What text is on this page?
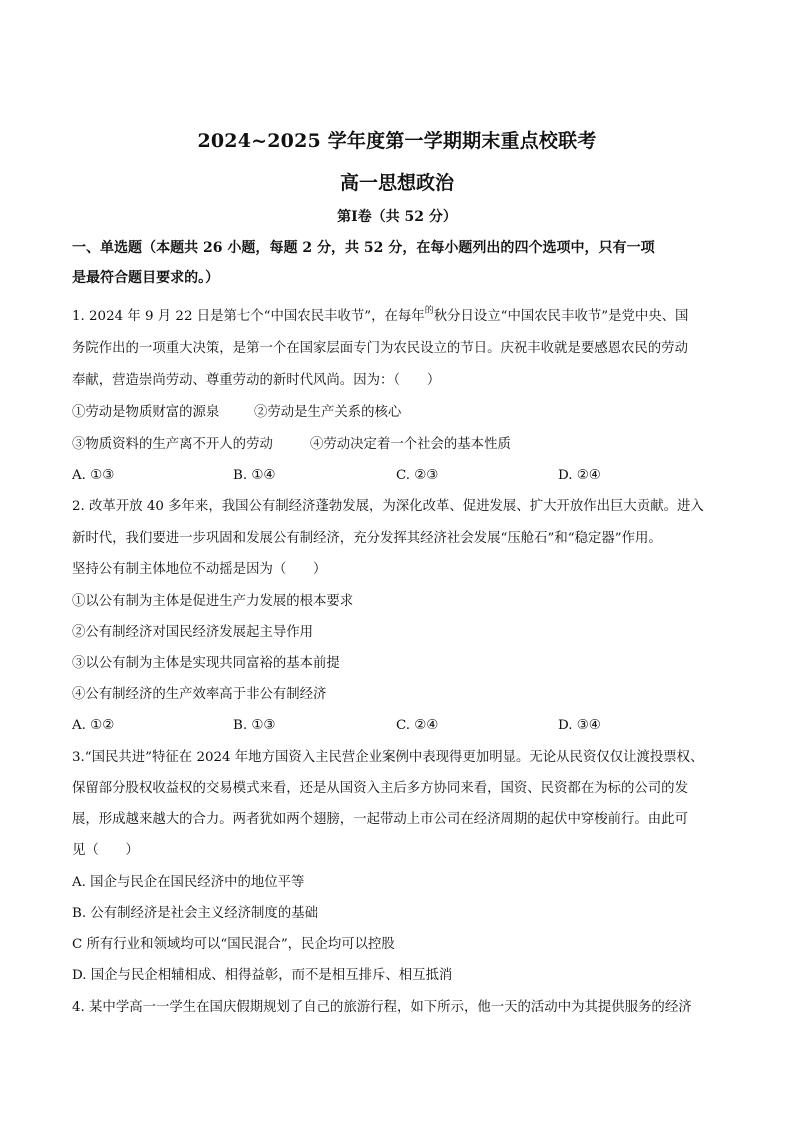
2024~2025 学年度第一学期期末重点校联考
高一思想政治
第Ⅰ卷（共 52 分）
一、单选题（本题共 26 小题，每题 2 分，共 52 分，在每小题列出的四个选项中，只有一项
是最符合题目要求的。）
1. 2024 年 9 月 22 日是第七个“中国农民丰收节”，在每年$^的$秋分日设立“中国农民丰收节”是党中央、国
务院作出的一项重大决策，是第一个在国家层面专门为农民设立的节日。庆祝丰收就是要感恩农民的劳动
奉献，营造崇尚劳动、尊重劳动的新时代风尚。因为：（　　）
①劳动是物质财富的源泉	②劳动是生产关系的核心
③物质资料的生产离不开人的劳动	④劳动决定着一个社会的基本性质
A. ①③	B. ①④	C. ②③	D. ②④
2. 改革开放 40 多年来，我国公有制经济蓬勃发展，为深化改革、促进发展、扩大开放作出巨大贡献。进入
新时代，我们要进一步巩固和发展公有制经济，充分发挥其经济社会发展“压舱石”和“稳定器”作用。
坚持公有制主体地位不动摇是因为（　　）
①以公有制为主体是促进生产力发展的根本要求
②公有制经济对国民经济发展起主导作用
③以公有制为主体是实现共同富裕的基本前提
④公有制经济的生产效率高于非公有制经济
A. ①②	B. ①③	C. ②④	D. ③④
3.“国民共进”特征在 2024 年地方国资入主民营企业案例中表现得更加明显。无论从民资仅仅让渡投票权、
保留部分股权收益权的交易模式来看，还是从国资入主后多方协同来看，国资、民资都在为标的公司的发
展，形成越来越大的合力。两者犹如两个翅膀，一起带动上市公司在经济周期的起伏中穿梭前行。由此可
见（　　）
A. 国企与民企在国民经济中的地位平等
B. 公有制经济是社会主义经济制度的基础
C 所有行业和领域均可以“国民混合”，民企均可以控股
D. 国企与民企相辅相成、相得益彰，而不是相互排斥、相互抵消
4. 某中学高一一学生在国庆假期规划了自己的旅游行程，如下所示，他一天的活动中为其提供服务的经济
